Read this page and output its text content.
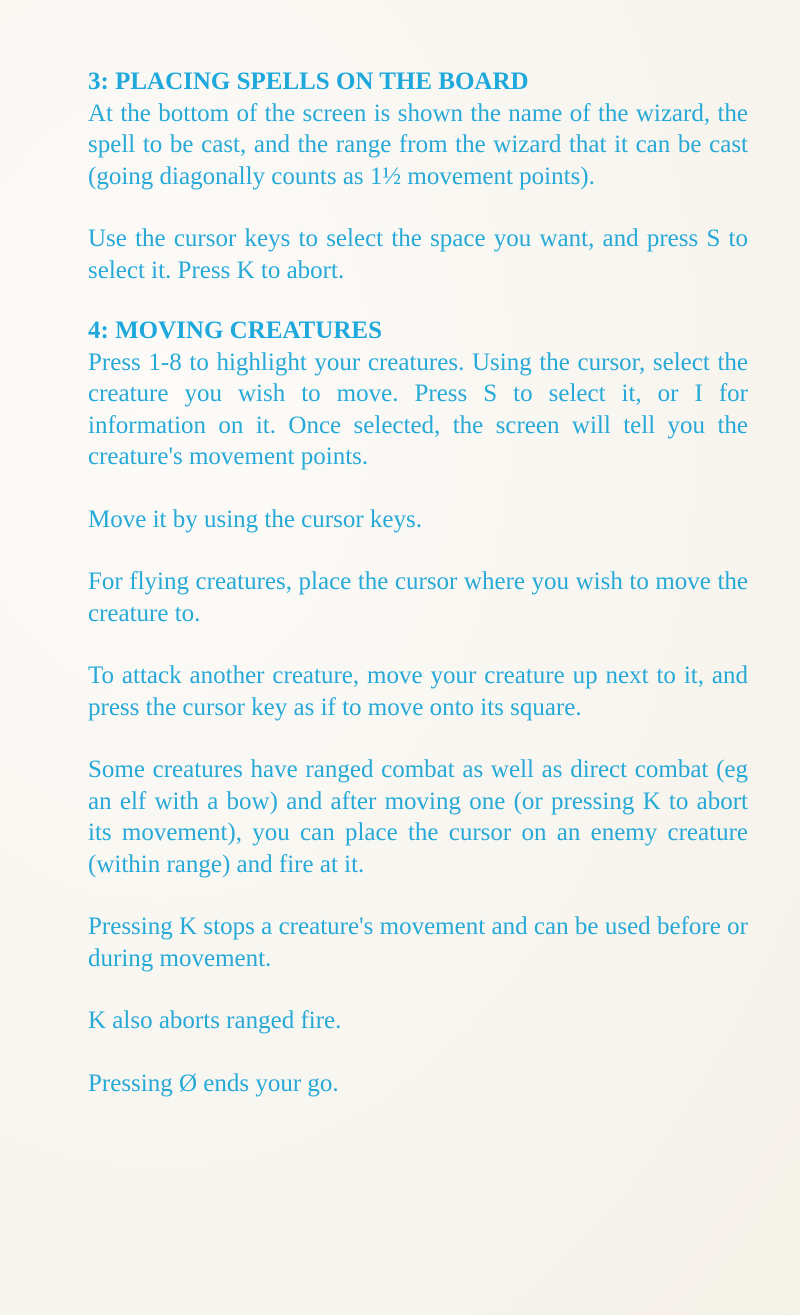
3: PLACING SPELLS ON THE BOARD

At the bottom of the screen is shown the name of the wizard, the spell to be cast, and the range from the wizard that it can be cast (going diagonally counts as 1½ movement points).

Use the cursor keys to select the space you want, and press S to select it. Press K to abort.

4: MOVING CREATURES

Press 1-8 to highlight your creatures. Using the cursor, select the creature you wish to move. Press S to select it, or I for information on it. Once selected, the screen will tell you the creature's movement points.

Move it by using the cursor keys.

For flying creatures, place the cursor where you wish to move the creature to.

To attack another creature, move your creature up next to it, and press the cursor key as if to move onto its square.

Some creatures have ranged combat as well as direct combat (eg an elf with a bow) and after moving one (or pressing K to abort its movement), you can place the cursor on an enemy creature (within range) and fire at it.

Pressing K stops a creature's movement and can be used before or during movement.

K also aborts ranged fire.

Pressing Ø ends your go.
